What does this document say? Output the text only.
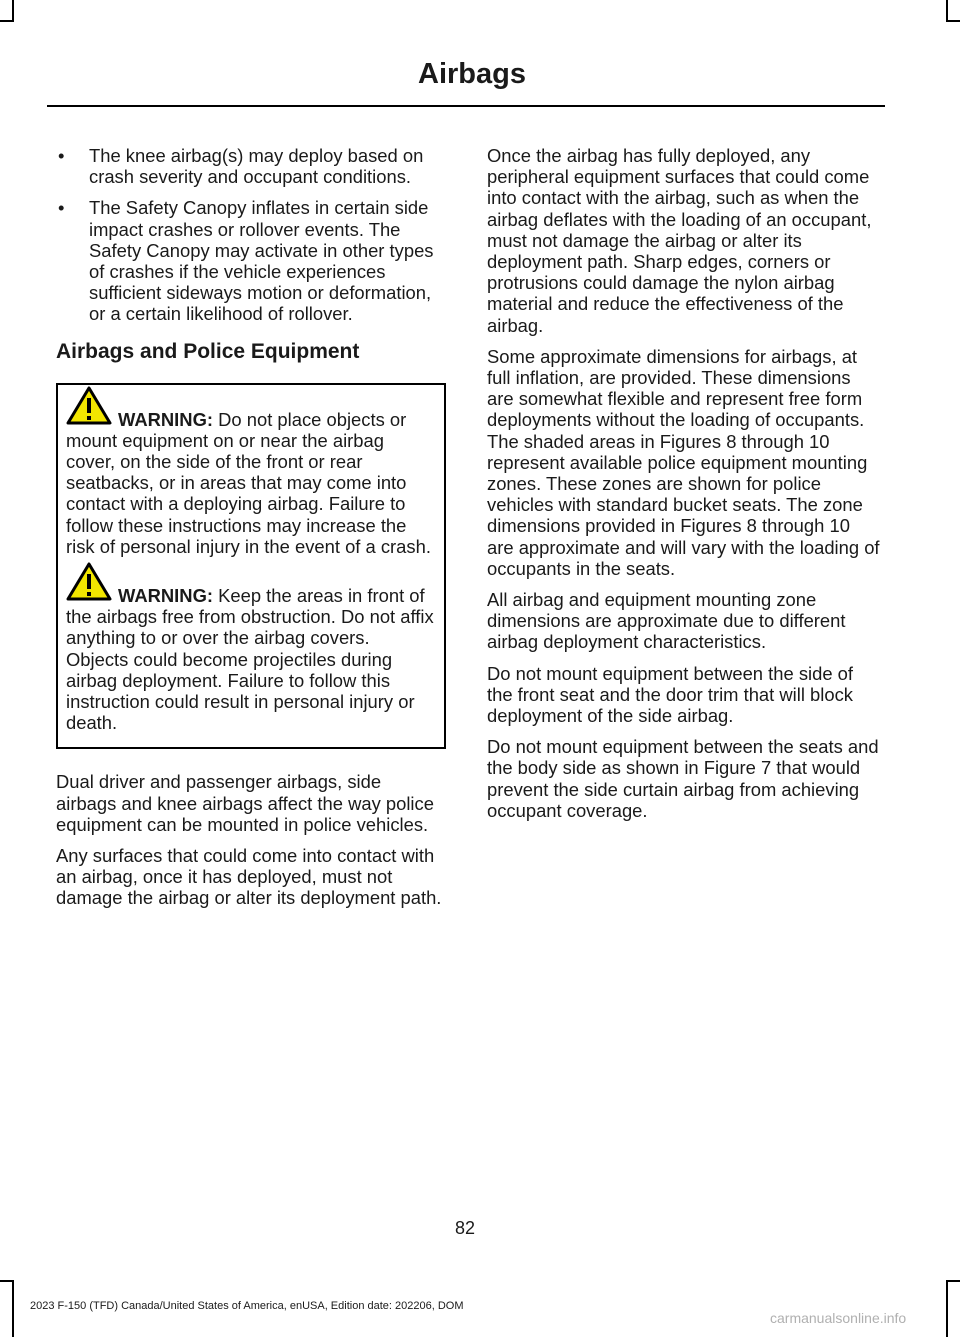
Airbags
• The knee airbag(s) may deploy based on crash severity and occupant conditions.
• The Safety Canopy inflates in certain side impact crashes or rollover events. The Safety Canopy may activate in other types of crashes if the vehicle experiences sufficient sideways motion or deformation, or a certain likelihood of rollover.
Airbags and Police Equipment
WARNING: Do not place objects or mount equipment on or near the airbag cover, on the side of the front or rear seatbacks, or in areas that may come into contact with a deploying airbag. Failure to follow these instructions may increase the risk of personal injury in the event of a crash.
WARNING: Keep the areas in front of the airbags free from obstruction. Do not affix anything to or over the airbag covers. Objects could become projectiles during airbag deployment. Failure to follow this instruction could result in personal injury or death.

Dual driver and passenger airbags, side airbags and knee airbags affect the way police equipment can be mounted in police vehicles.

Any surfaces that could come into contact with an airbag, once it has deployed, must not damage the airbag or alter its deployment path.

Once the airbag has fully deployed, any peripheral equipment surfaces that could come into contact with the airbag, such as when the airbag deflates with the loading of an occupant, must not damage the airbag or alter its deployment path. Sharp edges, corners or protrusions could damage the nylon airbag material and reduce the effectiveness of the airbag.

Some approximate dimensions for airbags, at full inflation, are provided. These dimensions are somewhat flexible and represent free form deployments without the loading of occupants. The shaded areas in Figures 8 through 10 represent available police equipment mounting zones. These zones are shown for police vehicles with standard bucket seats. The zone dimensions provided in Figures 8 through 10 are approximate and will vary with the loading of occupants in the seats.

All airbag and equipment mounting zone dimensions are approximate due to different airbag deployment characteristics.

Do not mount equipment between the side of the front seat and the door trim that will block deployment of the side airbag.

Do not mount equipment between the seats and the body side as shown in Figure 7 that would prevent the side curtain airbag from achieving occupant coverage.

82
2023 F-150 (TFD) Canada/United States of America, enUSA, Edition date: 202206, DOM
carmanualsonline.info
